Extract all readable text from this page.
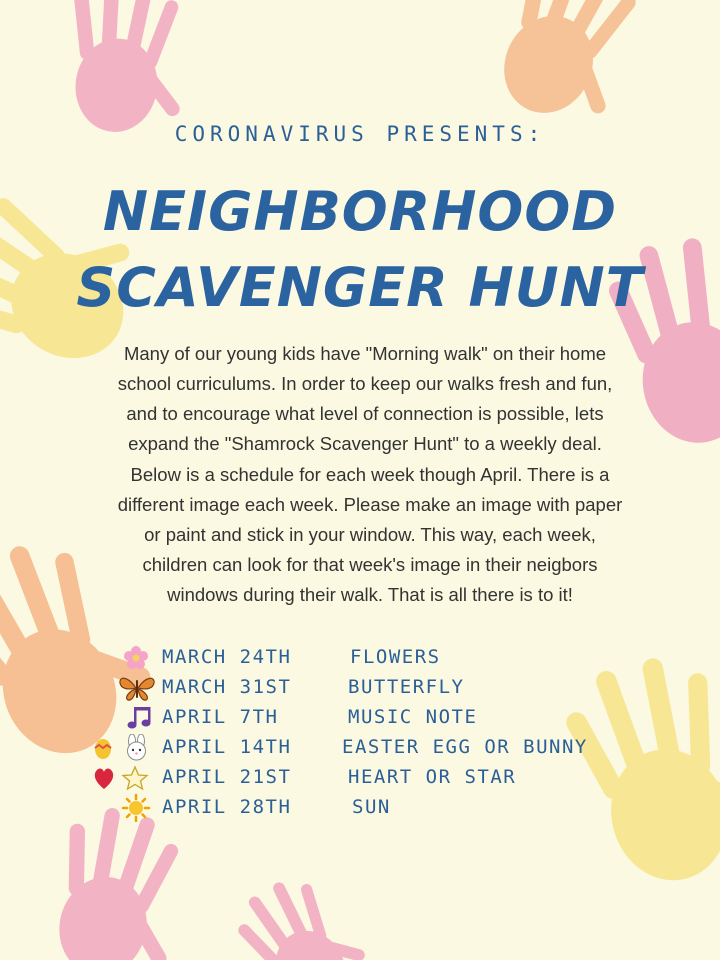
CORONAVIRUS PRESENTS:
NEIGHBORHOOD
SCAVENGER HUNT
Many of our young kids have "Morning walk" on their home
school curriculums. In order to keep our walks fresh and fun,
and to encourage what level of connection is possible, lets
expand the "Shamrock Scavenger Hunt" to a weekly deal.
Below is a schedule for each week though April. There is a
different image each week. Please make an image with paper
or paint and stick in your window. This way, each week,
children can look for that week's image in their neigbors
windows during their walk. That is all there is to it!
MARCH 24TH	FLOWERS
MARCH 31ST	BUTTERFLY
APRIL 7TH	MUSIC NOTE
APRIL 14TH	EASTER EGG OR BUNNY
APRIL 21ST	HEART OR STAR
APRIL 28TH	SUN
